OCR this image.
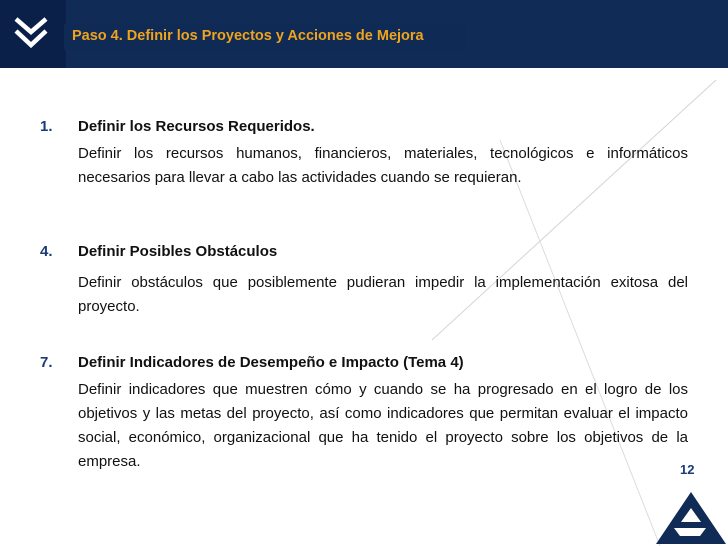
Paso 4. Definir los Proyectos y Acciones de Mejora
1. Definir los Recursos Requeridos.
Definir los recursos humanos, financieros, materiales, tecnológicos e informáticos necesarios para llevar a cabo las actividades cuando se requieran.
4. Definir Posibles Obstáculos
Definir obstáculos que posiblemente pudieran impedir la implementación exitosa del proyecto.
7. Definir Indicadores de Desempeño e Impacto (Tema 4)
Definir indicadores que muestren cómo y cuando se ha progresado en el logro de los objetivos y las metas del proyecto, así como indicadores que permitan evaluar el impacto social, económico, organizacional que ha tenido el proyecto sobre los objetivos de la empresa.	12
